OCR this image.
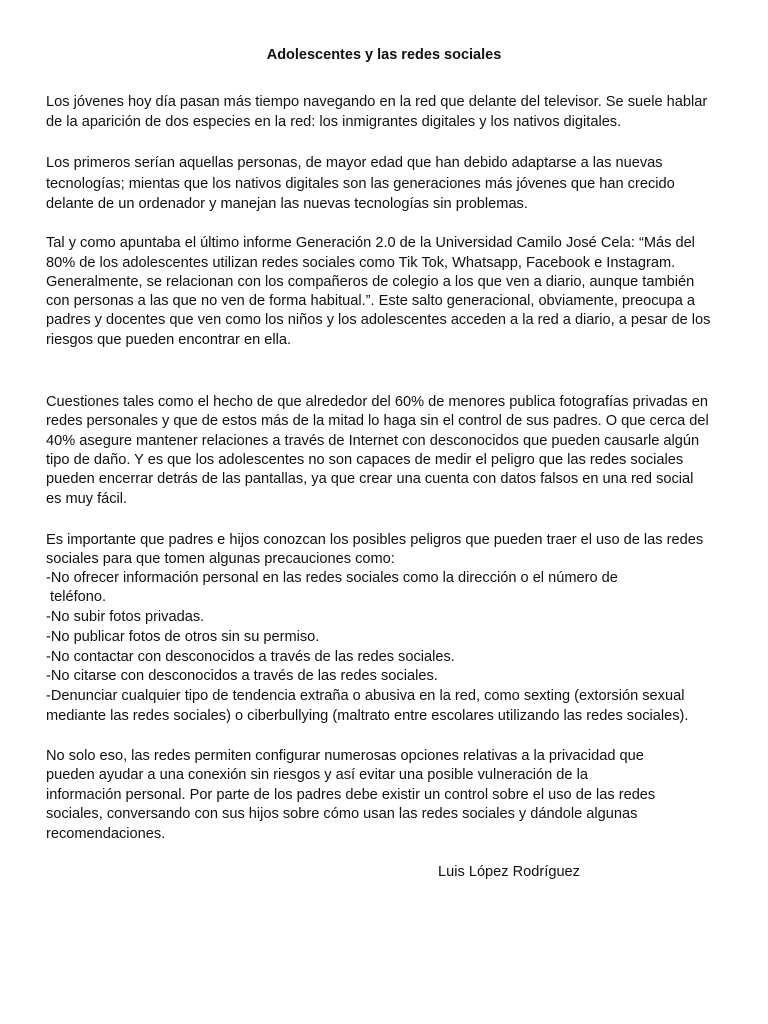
Adolescentes y las redes sociales

Los jóvenes hoy día pasan más tiempo navegando en la red que delante del televisor. Se suele hablar

de la aparición de dos especies en la red: los inmigrantes digitales y los nativos digitales.

Los primeros serían aquellas personas, de mayor edad que han debido adaptarse a las nuevas

tecnologías; mientas que los nativos digitales son las generaciones más jóvenes que han crecido

delante de un ordenador y manejan las nuevas tecnologías sin problemas.

Tal y como apuntaba el último informe Generación 2.0 de la Universidad Camilo José Cela: “Más del

80% de los adolescentes utilizan redes sociales como Tik Tok, Whatsapp, Facebook e Instagram.

Generalmente, se relacionan con los compañeros de colegio a los que ven a diario, aunque también

con personas a las que no ven de forma habitual.”. Este salto generacional, obviamente, preocupa a

padres y docentes que ven como los niños y los adolescentes acceden a la red a diario, a pesar de los

riesgos que pueden encontrar en ella.

Cuestiones tales como el hecho de que alrededor del 60% de menores publica fotografías privadas en

redes personales y que de estos más de la mitad lo haga sin el control de sus padres. O que cerca del

40% asegure mantener relaciones a través de Internet con desconocidos que pueden causarle algún

tipo de daño. Y es que los adolescentes no son capaces de medir el peligro que las redes sociales

pueden encerrar detrás de las pantallas, ya que crear una cuenta con datos falsos en una red social

es muy fácil.

Es importante que padres e hijos conozcan los posibles peligros que pueden traer el uso de las redes

sociales para que tomen algunas precauciones como:

-No ofrecer información personal en las redes sociales como la dirección o el número de

teléfono.

-No subir fotos privadas.

-No publicar fotos de otros sin su permiso.

-No contactar con desconocidos a través de las redes sociales.

-No citarse con desconocidos a través de las redes sociales.

-Denunciar cualquier tipo de tendencia extraña o abusiva en la red, como sexting (extorsión sexual

mediante las redes sociales) o ciberbullying (maltrato entre escolares utilizando las redes sociales).

No solo eso, las redes permiten configurar numerosas opciones relativas a la privacidad que

pueden ayudar a una conexión sin riesgos y así evitar una posible vulneración de la

información personal. Por parte de los padres debe existir un control sobre el uso de las redes

sociales, conversando con sus hijos sobre cómo usan las redes sociales y dándole algunas

recomendaciones.

Luis López Rodríguez
